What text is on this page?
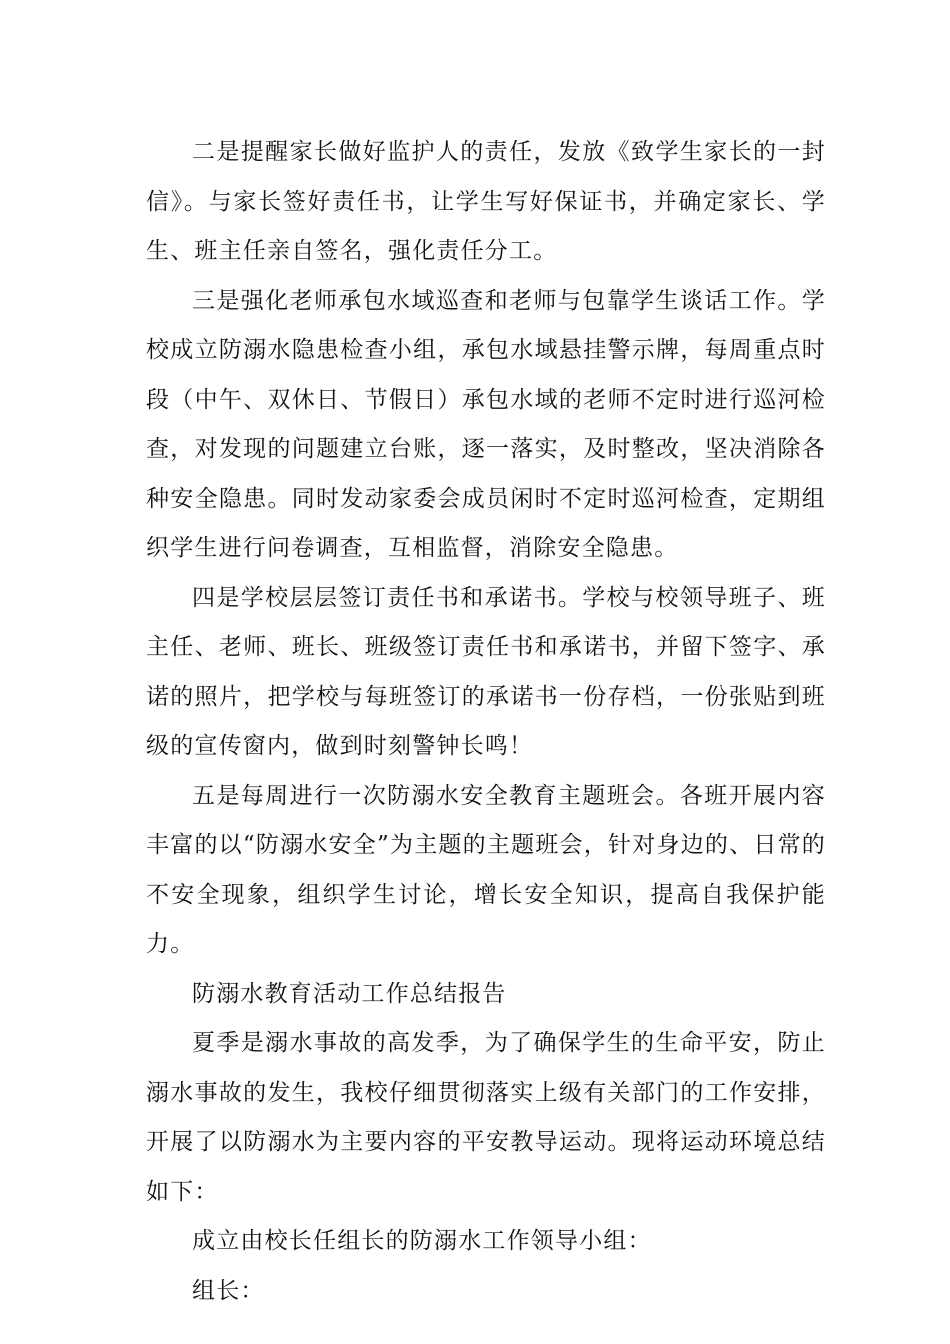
二是提醒家长做好监护人的责任，发放《致学生家长的一封信》。与家长签好责任书，让学生写好保证书，并确定家长、学生、班主任亲自签名，强化责任分工。

三是强化老师承包水域巡查和老师与包靠学生谈话工作。学校成立防溺水隐患检查小组，承包水域悬挂警示牌，每周重点时段（中午、双休日、节假日）承包水域的老师不定时进行巡河检查，对发现的问题建立台账，逐一落实，及时整改，坚决消除各种安全隐患。同时发动家委会成员闲时不定时巡河检查，定期组织学生进行问卷调查，互相监督，消除安全隐患。

四是学校层层签订责任书和承诺书。学校与校领导班子、班主任、老师、班长、班级签订责任书和承诺书，并留下签字、承诺的照片，把学校与每班签订的承诺书一份存档，一份张贴到班级的宣传窗内，做到时刻警钟长鸣！

五是每周进行一次防溺水安全教育主题班会。各班开展内容丰富的以“防溺水安全”为主题的主题班会，针对身边的、日常的不安全现象，组织学生讨论，增长安全知识，提高自我保护能力。

防溺水教育活动工作总结报告

夏季是溺水事故的高发季，为了确保学生的生命平安，防止溺水事故的发生，我校仔细贯彻落实上级有关部门的工作安排，开展了以防溺水为主要内容的平安教导运动。现将运动环境总结如下：

成立由校长任组长的防溺水工作领导小组：

组长：
